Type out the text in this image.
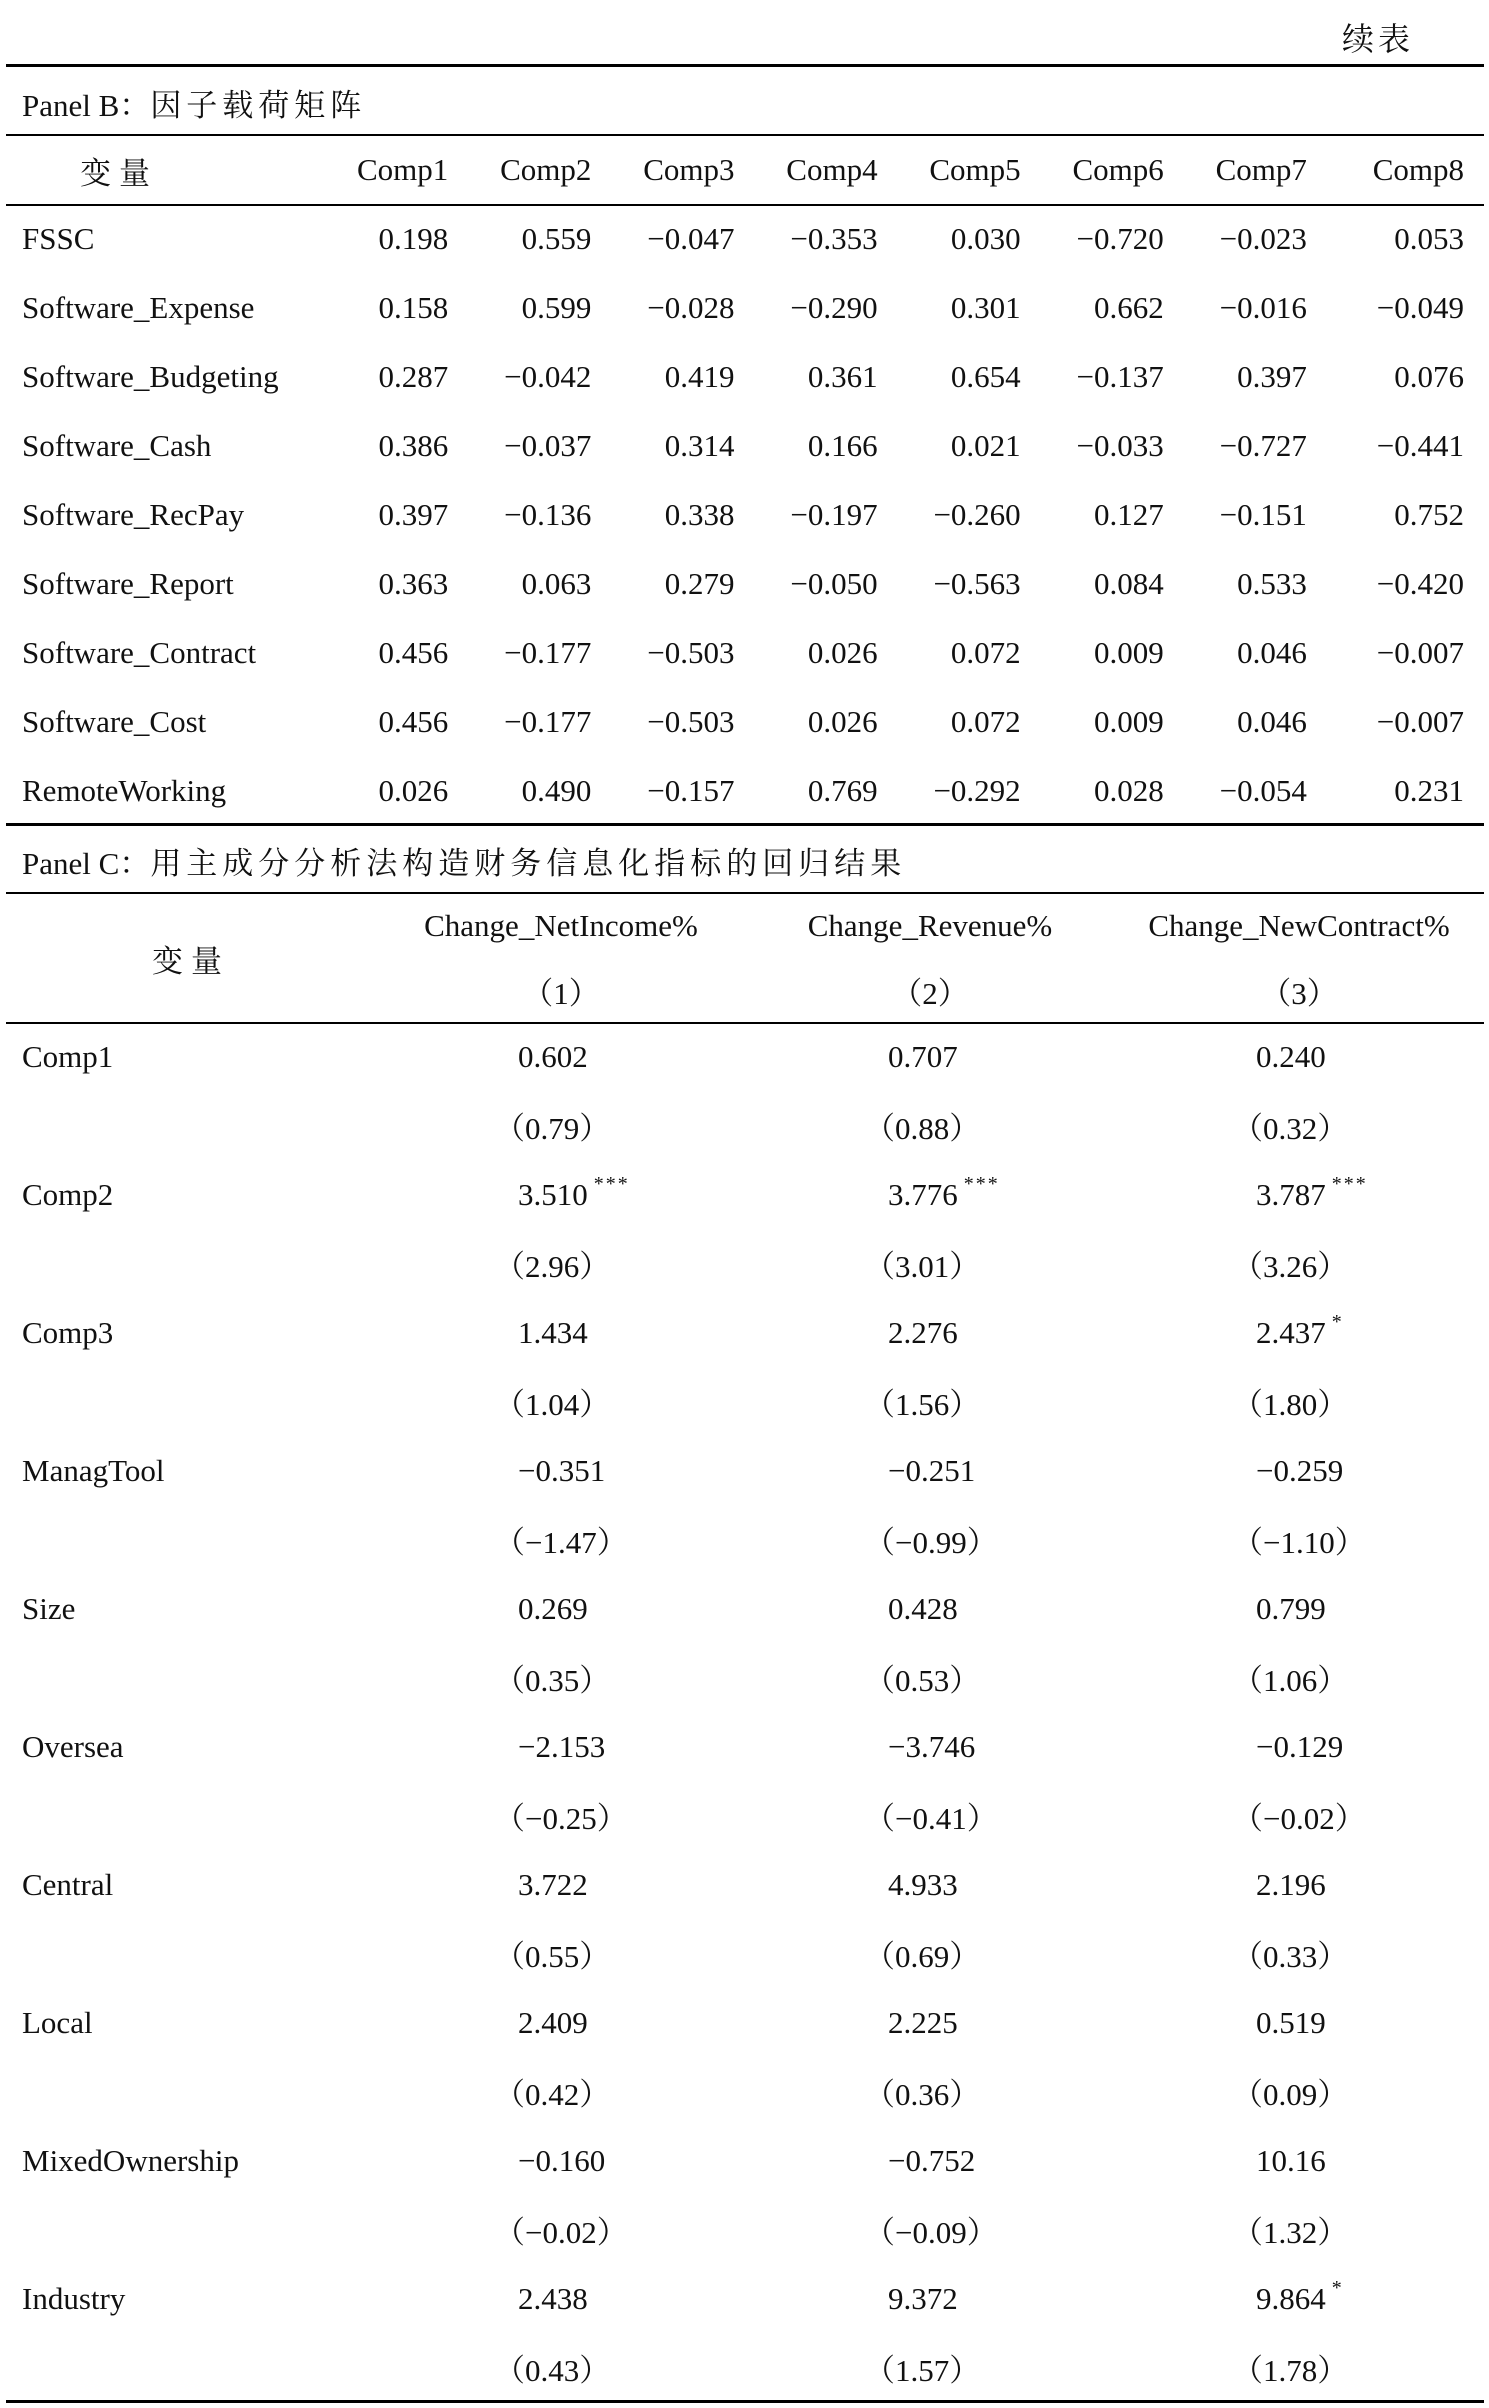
续表
Panel B：因子载荷矩阵
变量	Comp1	Comp2	Comp3	Comp4	Comp5	Comp6	Comp7	Comp8
FSSC	0.198	0.559	−0.047	−0.353	0.030	−0.720	−0.023	0.053
Software_Expense	0.158	0.599	−0.028	−0.290	0.301	0.662	−0.016	−0.049
Software_Budgeting	0.287	−0.042	0.419	0.361	0.654	−0.137	0.397	0.076
Software_Cash	0.386	−0.037	0.314	0.166	0.021	−0.033	−0.727	−0.441
Software_RecPay	0.397	−0.136	0.338	−0.197	−0.260	0.127	−0.151	0.752
Software_Report	0.363	0.063	0.279	−0.050	−0.563	0.084	0.533	−0.420
Software_Contract	0.456	−0.177	−0.503	0.026	0.072	0.009	0.046	−0.007
Software_Cost	0.456	−0.177	−0.503	0.026	0.072	0.009	0.046	−0.007
RemoteWorking	0.026	0.490	−0.157	0.769	−0.292	0.028	−0.054	0.231
Panel C：用主成分分析法构造财务信息化指标的回归结果
变量	Change_NetIncome%	Change_Revenue%	Change_NewContract%
	（1）	（2）	（3）
Comp1	0.602	0.707	0.240
	（0.79）	（0.88）	（0.32）
Comp2	3.510 ***	3.776 ***	3.787 ***
	（2.96）	（3.01）	（3.26）
Comp3	1.434	2.276	2.437 *
	（1.04）	（1.56）	（1.80）
ManagTool	−0.351	−0.251	−0.259
	（−1.47）	（−0.99）	（−1.10）
Size	0.269	0.428	0.799
	（0.35）	（0.53）	（1.06）
Oversea	−2.153	−3.746	−0.129
	（−0.25）	（−0.41）	（−0.02）
Central	3.722	4.933	2.196
	（0.55）	（0.69）	（0.33）
Local	2.409	2.225	0.519
	（0.42）	（0.36）	（0.09）
MixedOwnership	−0.160	−0.752	10.16
	（−0.02）	（−0.09）	（1.32）
Industry	2.438	9.372	9.864 *
	（0.43）	（1.57）	（1.78）
